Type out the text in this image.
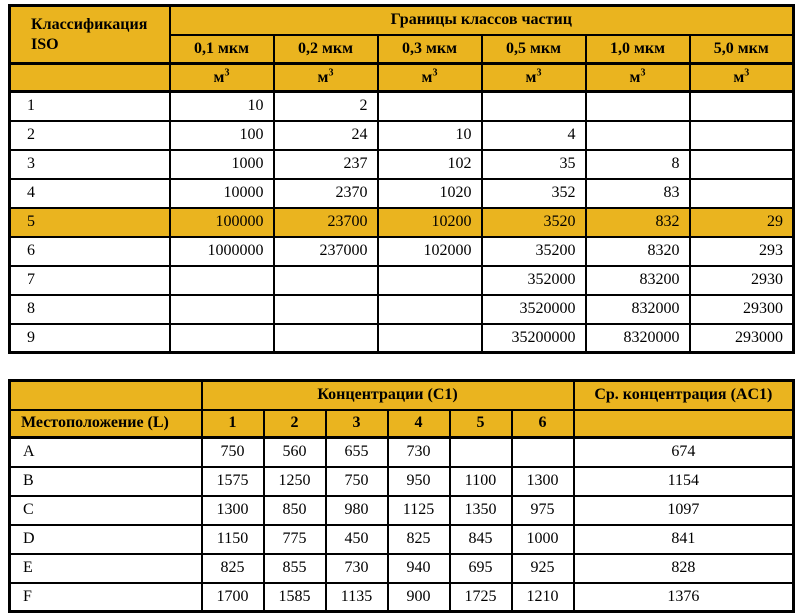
Классификация ISO	Границы классов частиц					
	0,1 мкм	0,2 мкм	0,3 мкм	0,5 мкм	1,0 мкм	5,0 мкм
	$м^3$	$м^3$	$м^3$	$м^3$	$м^3$	$м^3$
1	10	2				
2	100	24	10	4		
3	1000	237	102	35	8	
4	10000	2370	1020	352	83	
5	100000	23700	10200	3520	832	29
6	1000000	237000	102000	35200	8320	293
7				352000	83200	2930
8				3520000	832000	29300
9				35200000	8320000	293000
	Концентрации (C1)						Ср. концентрация (AC1)
Местоположение (L)	1	2	3	4	5	6	
A	750	560	655	730			674
B	1575	1250	750	950	1100	1300	1154
C	1300	850	980	1125	1350	975	1097
D	1150	775	450	825	845	1000	841
E	825	855	730	940	695	925	828
F	1700	1585	1135	900	1725	1210	1376
